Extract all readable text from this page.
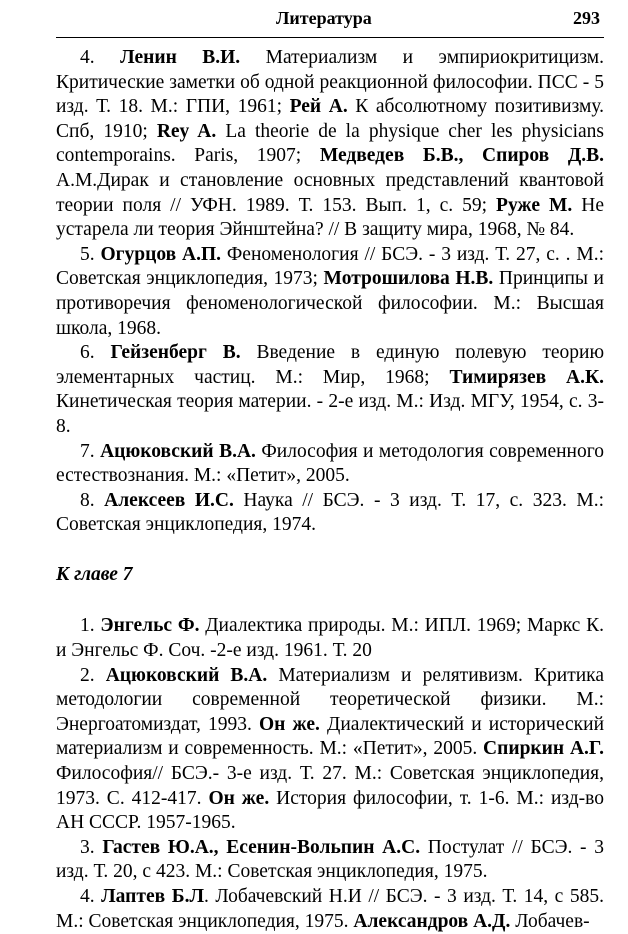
Литература	293

4. Ленин В.И. Материализм и эмпириокритицизм. Критические заметки об одной реакционной философии. ПСС - 5 изд. Т. 18. М.: ГПИ, 1961; Рей А. К абсолютному позитивизму. Спб, 1910; Rey A. La theorie de la physique cher les physicians contemporains. Paris, 1907; Медведев Б.В., Спиров Д.В. А.М.Дирак и становление основных представлений квантовой теории поля // УФН. 1989. Т. 153. Вып. 1, с. 59; Руже М. Не устарела ли теория Эйнштейна? // В защиту мира, 1968, № 84.

5. Огурцов А.П. Феноменология // БСЭ. - 3 изд. Т. 27, с. . М.: Советская энциклопедия, 1973; Мотрошилова Н.В. Принципы и противоречия феноменологической философии. М.: Высшая школа, 1968.

6. Гейзенберг В. Введение в единую полевую теорию элементарных частиц. М.: Мир, 1968; Тимирязев А.К. Кинетическая теория материи. - 2-е изд. М.: Изд. МГУ, 1954, с. 3-8.

7. Ацюковский В.А. Философия и методология современного естествознания. М.: «Петит», 2005.

8. Алексеев И.С. Наука // БСЭ. - 3 изд. Т. 17, с. 323. М.: Советская энциклопедия, 1974.

К главе 7

1. Энгельс Ф. Диалектика природы. М.: ИПЛ. 1969; Маркс К. и Энгельс Ф. Соч. -2-е изд. 1961. Т. 20

2. Ацюковский В.А. Материализм и релятивизм. Критика методологии современной теоретической физики. М.: Энергоатомиздат, 1993. Он же. Диалектический и исторический материализм и современность. М.: «Петит», 2005. Спиркин А.Г. Философия// БСЭ.- 3-е изд. Т. 27. М.: Советская энциклопедия, 1973. С. 412-417. Он же. История философии, т. 1-6. М.: изд-во АН СССР. 1957-1965.

3. Гастев Ю.А., Есенин-Вольпин А.С. Постулат // БСЭ. - 3 изд. Т. 20, с 423. М.: Советская энциклопедия, 1975.

4. Лаптев Б.Л. Лобачевский Н.И // БСЭ. - 3 изд. Т. 14, с 585. М.: Советская энциклопедия, 1975. Александров А.Д. Лобачев-
